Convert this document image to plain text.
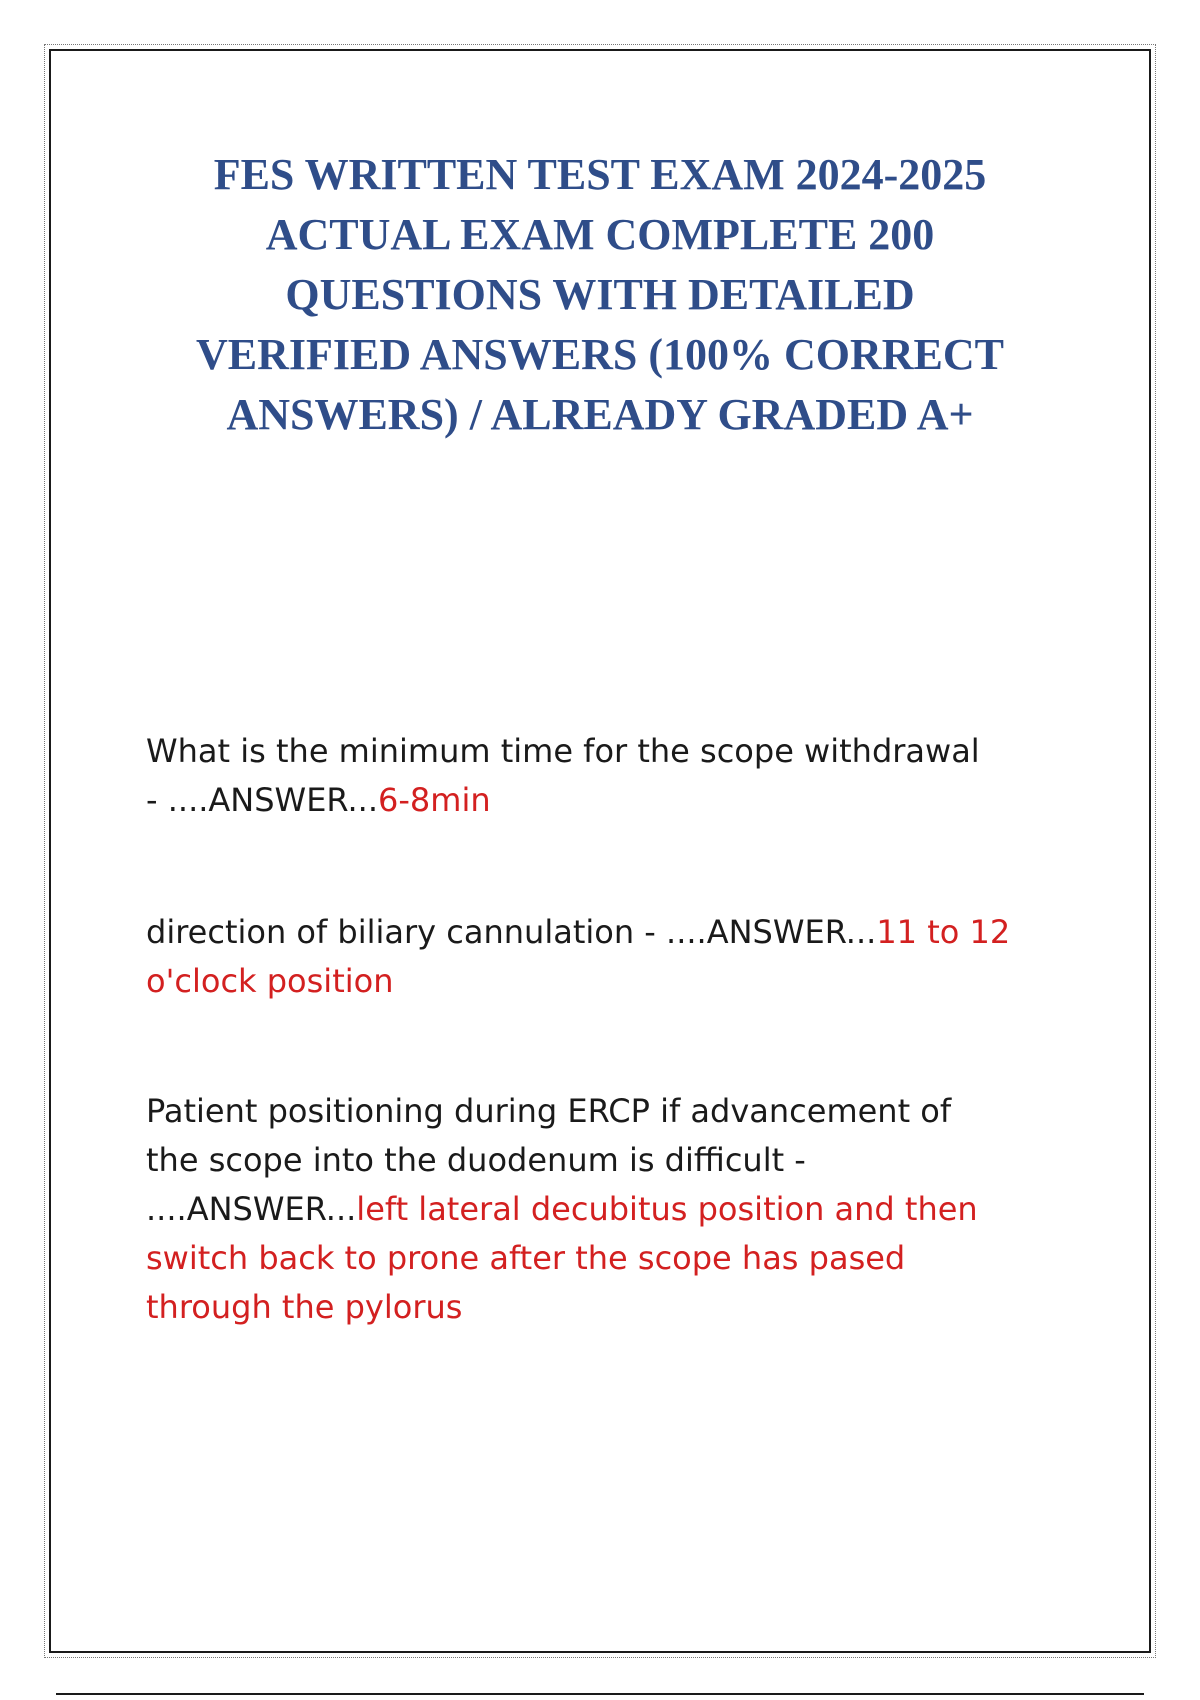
FES WRITTEN TEST EXAM 2024-2025
ACTUAL EXAM COMPLETE 200
QUESTIONS WITH DETAILED
VERIFIED ANSWERS (100% CORRECT
ANSWERS) / ALREADY GRADED A+

What is the minimum time for the scope withdrawal
- ....ANSWER...6-8min

direction of biliary cannulation - ....ANSWER...11 to 12
o'clock position

Patient positioning during ERCP if advancement of
the scope into the duodenum is difficult -
....ANSWER...left lateral decubitus position and then
switch back to prone after the scope has pased
through the pylorus
